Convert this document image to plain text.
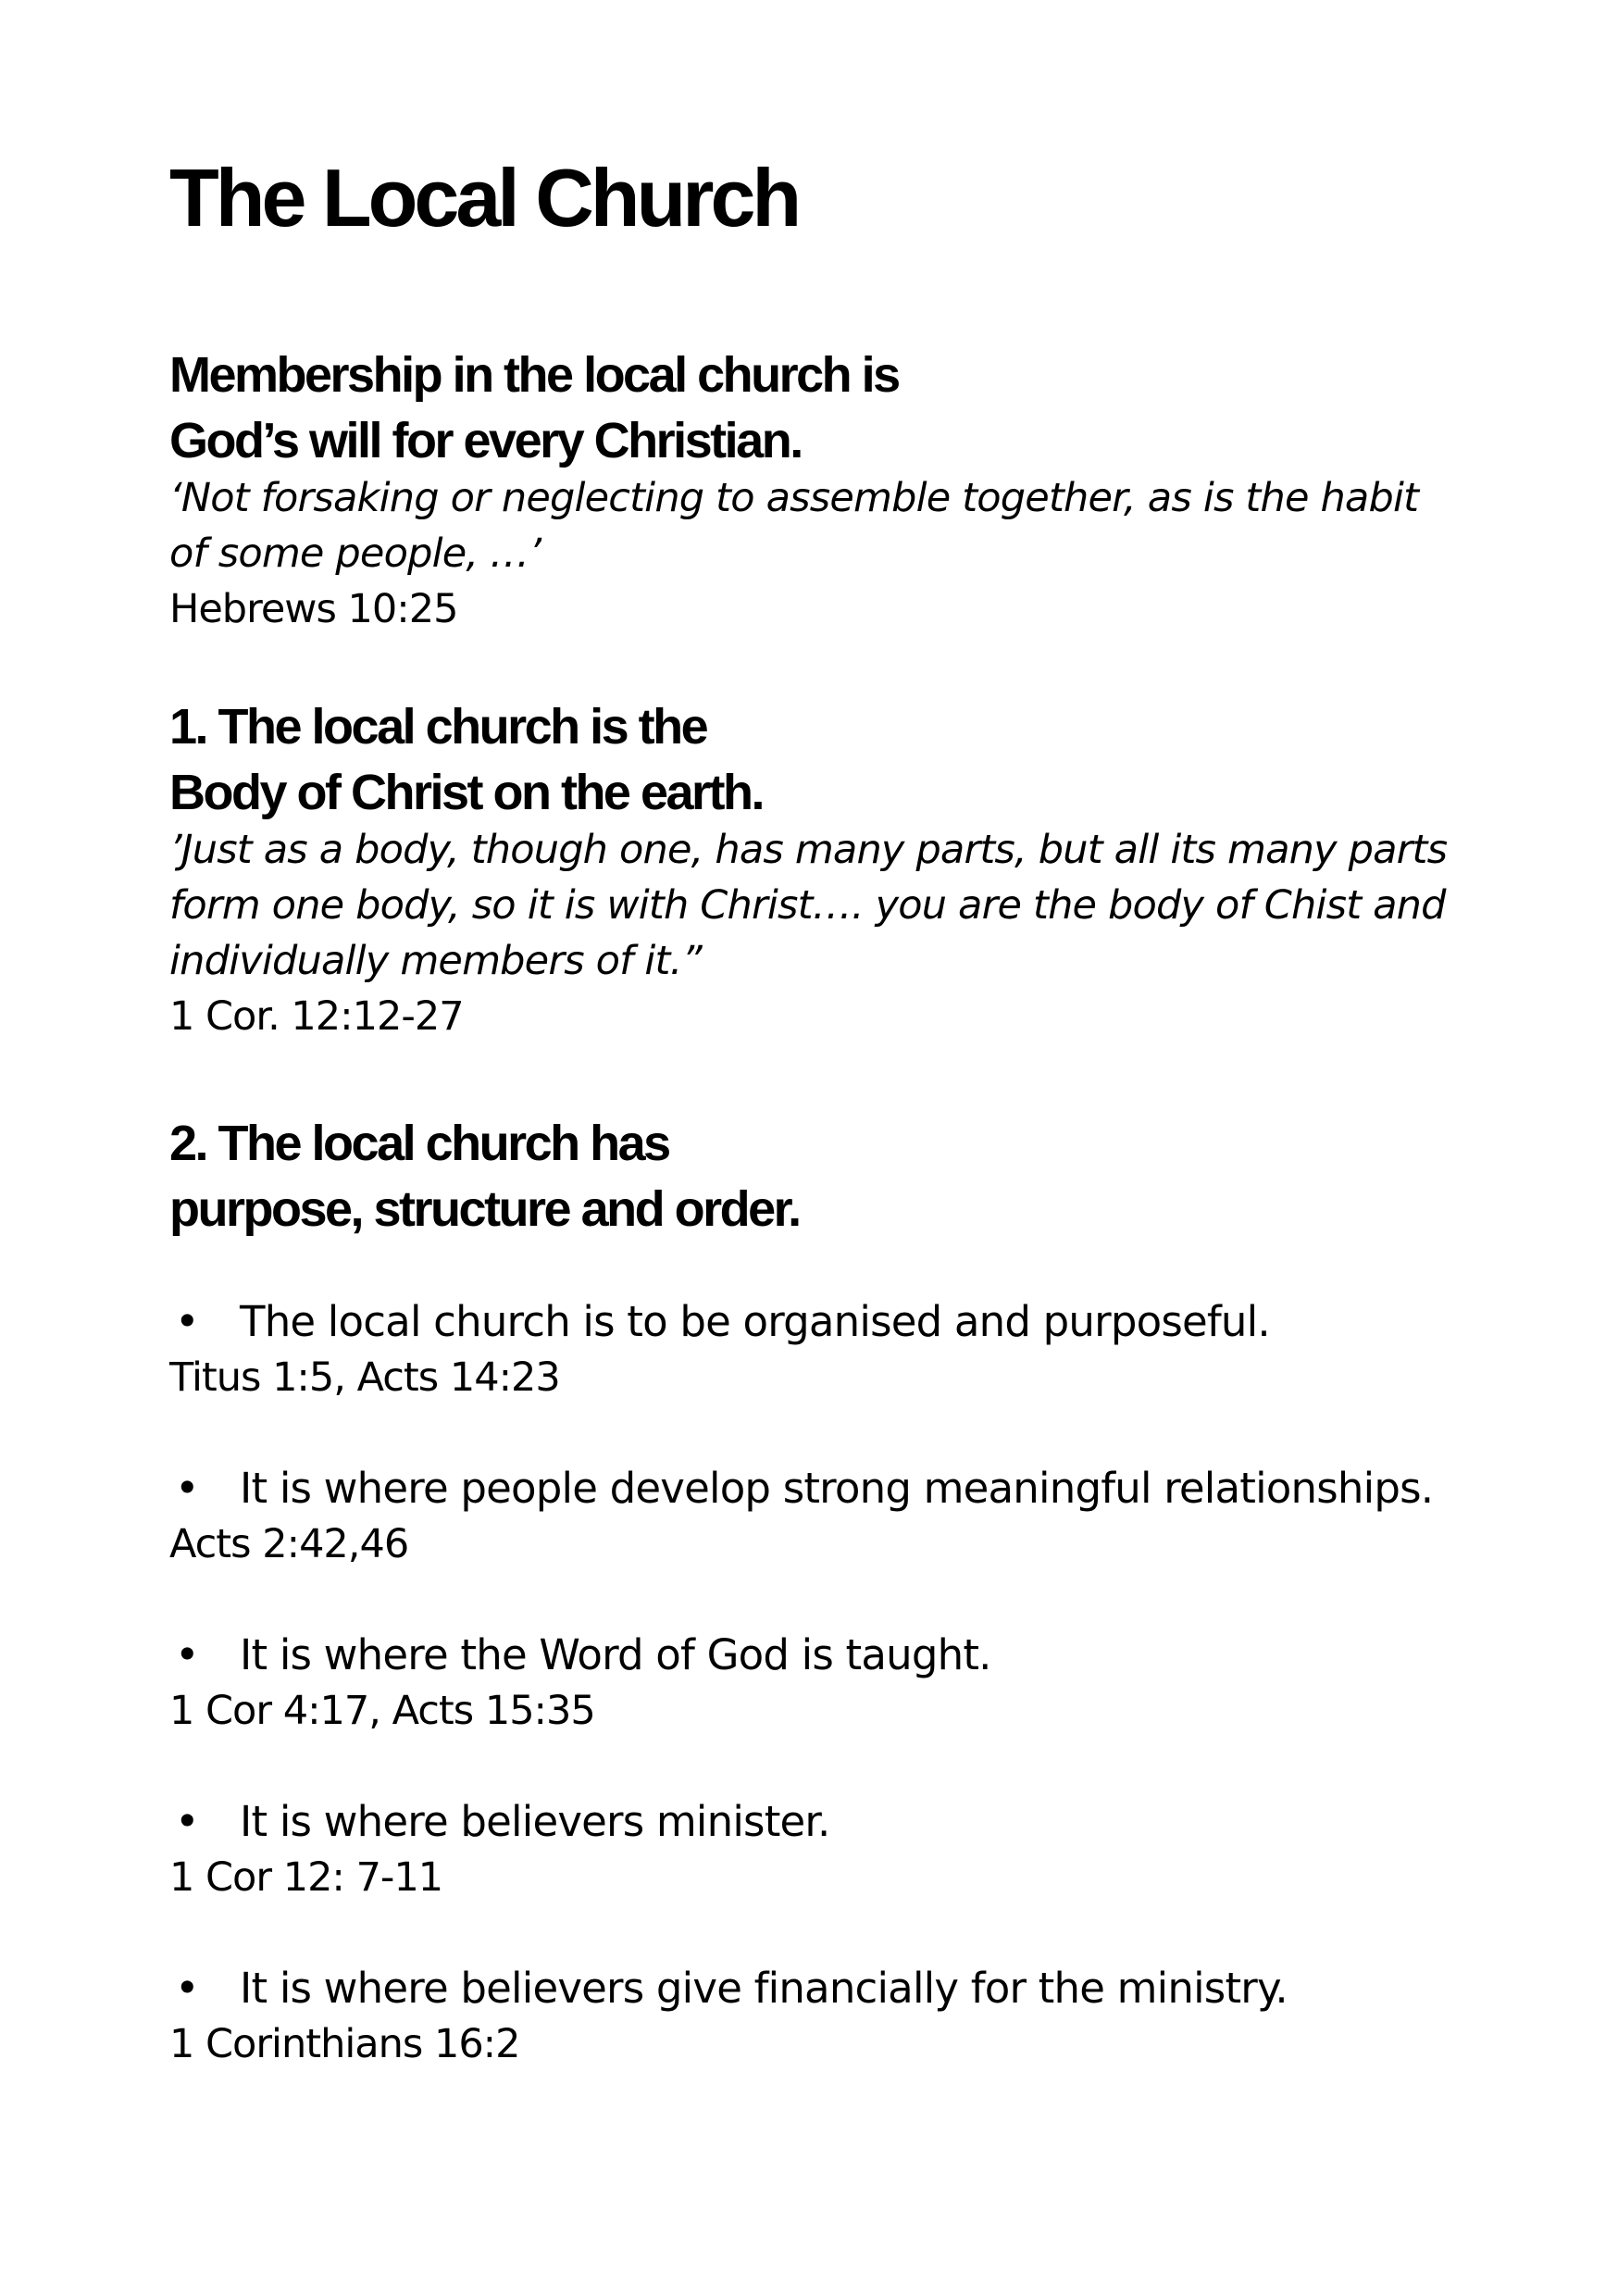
The Local Church
Membership in the local church is
God’s will for every Christian.

‘Not forsaking or neglecting to assemble together, as is the habit
of some people, …’

Hebrews 10:25

1. The local church is the
Body of Christ on the earth.

’Just as a body, though one, has many parts, but all its many parts
form one body, so it is with Christ…. you are the body of Chist and
individually members of it.”

1 Cor. 12:12-27

2. The local church has
purpose, structure and order.
• The local church is to be organised and purposeful.

Titus 1:5, Acts 14:23

• It is where people develop strong meaningful relationships.

Acts 2:42,46

• It is where the Word of God is taught.

1 Cor 4:17, Acts 15:35

• It is where believers minister.

1 Cor 12: 7-11

• It is where believers give financially for the ministry.

1 Corinthians 16:2
